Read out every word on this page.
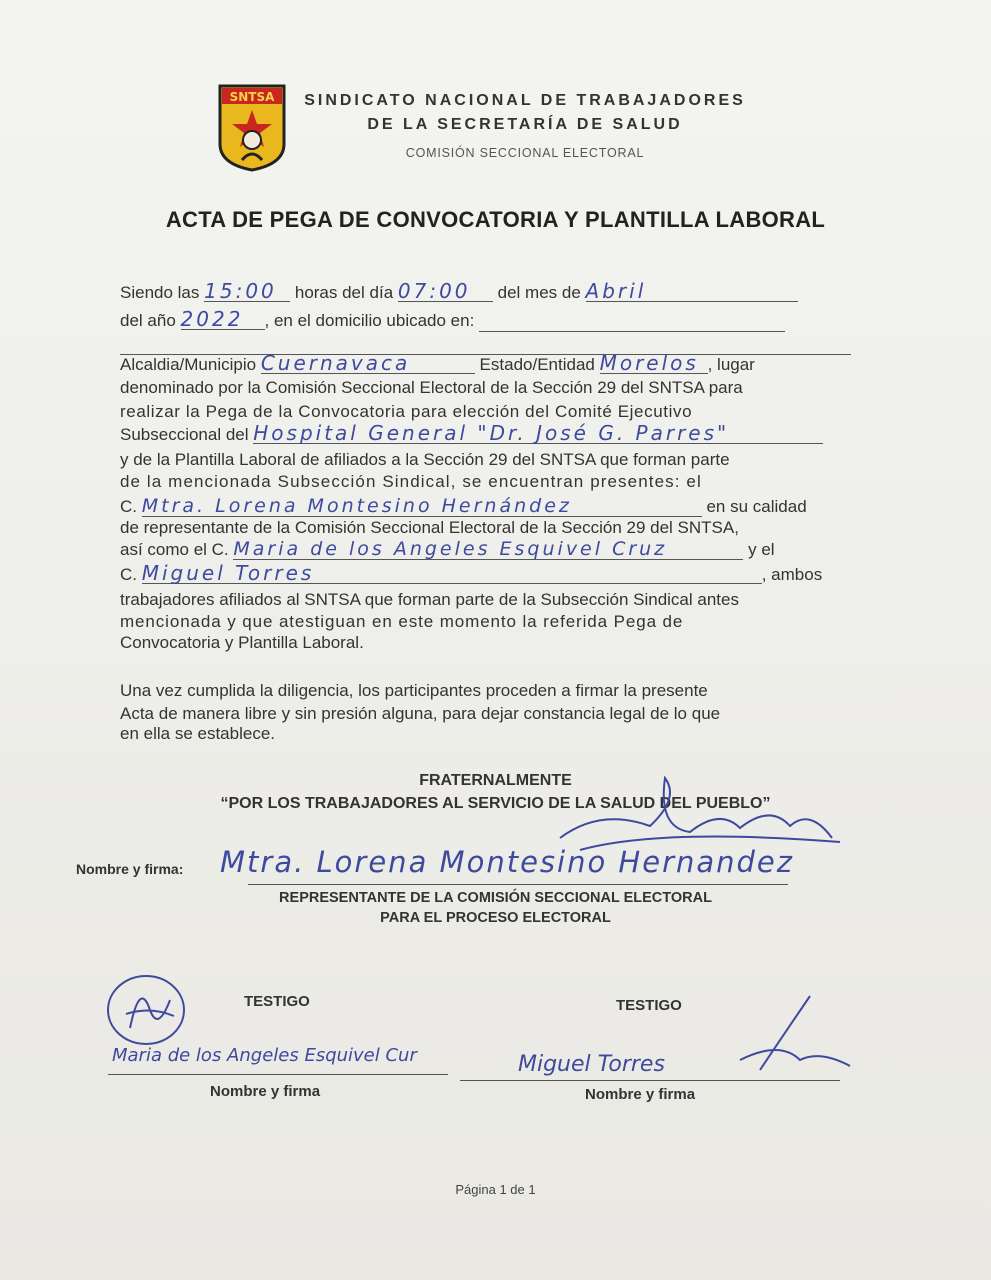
SNTSA SINDICATO NACIONAL DE TRABAJADORES
DE LA SECRETARÍA DE SALUD
COMISIÓN SECCIONAL ELECTORAL
ACTA DE PEGA DE CONVOCATORIA Y PLANTILLA LABORAL
Siendo las 15:00 horas del día 07:00 del mes de Abril
del año 2022 , en el domicilio ubicado en:

Alcaldia/Municipio Cuernavaca	Estado/Entidad Morelos , lugar
denominado por la Comisión Seccional Electoral de la Sección 29 del SNTSA para
realizar la Pega de la Convocatoria para elección del Comité Ejecutivo
Subseccional del Hospital General "Dr. José G. Parres"
y de la Plantilla Laboral de afiliados a la Sección 29 del SNTSA que forman parte
de la mencionada Subsección Sindical, se encuentran presentes: el
C. Mtra. Lorena Montesino Hernández	en su calidad
de representante de la Comisión Seccional Electoral de la Sección 29 del SNTSA,
así como el C. Maria de los Angeles Esquivel Cruz	y el
C. Miguel Torres	, ambos
trabajadores afiliados al SNTSA que forman parte de la Subsección Sindical antes
mencionada y que atestiguan en este momento la referida Pega de
Convocatoria y Plantilla Laboral.
Una vez cumplida la diligencia, los participantes proceden a firmar la presente
Acta de manera libre y sin presión alguna, para dejar constancia legal de lo que
en ella se establece.
FRATERNALMENTE
“POR LOS TRABAJADORES AL SERVICIO DE LA SALUD DEL PUEBLO”
Nombre y firma: Mtra. Lorena Montesino Hernandez
REPRESENTANTE DE LA COMISIÓN SECCIONAL ELECTORAL
PARA EL PROCESO ELECTORAL
TESTIGO
Maria de los Angeles Esquivel Cur
Nombre y firma
TESTIGO
Miguel Torres
Nombre y firma
Página 1 de 1
